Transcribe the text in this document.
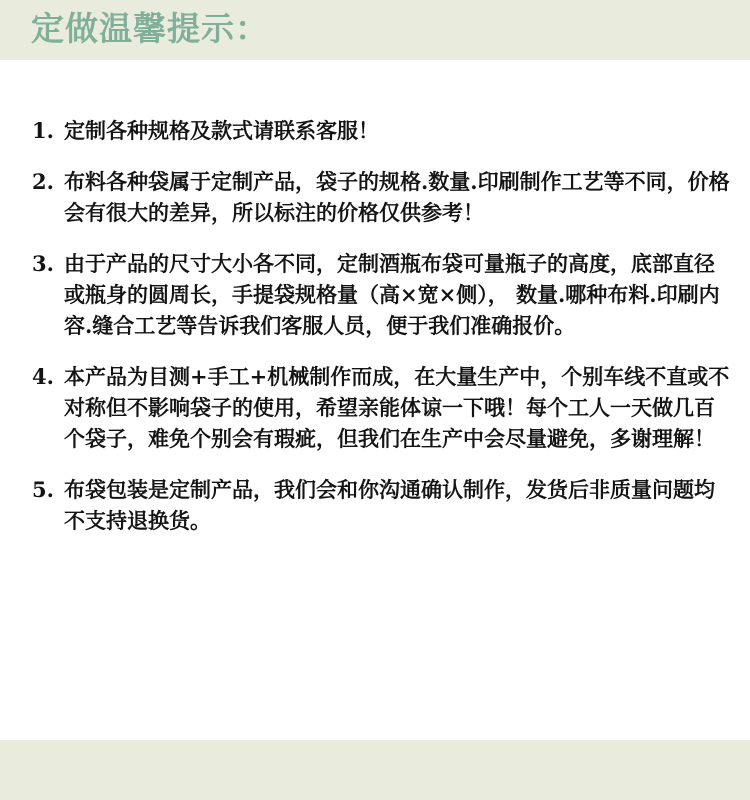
定做温馨提示：
1. 定制各种规格及款式请联系客服！

2. 布料各种袋属于定制产品，袋子的规格.数量.印刷制作工艺等不同，价格会有很大的差异，所以标注的价格仅供参考！

3. 由于产品的尺寸大小各不同，定制酒瓶布袋可量瓶子的高度，底部直径或瓶身的圆周长，手提袋规格量（高×宽×侧）， 数量.哪种布料.印刷内容.缝合工艺等告诉我们客服人员，便于我们准确报价。

4. 本产品为目测+手工+机械制作而成，在大量生产中，个别车线不直或不对称但不影响袋子的使用，希望亲能体谅一下哦！每个工人一天做几百个袋子，难免个别会有瑕疵，但我们在生产中会尽量避免，多谢理解！

5. 布袋包装是定制产品，我们会和你沟通确认制作，发货后非质量问题均不支持退换货。
